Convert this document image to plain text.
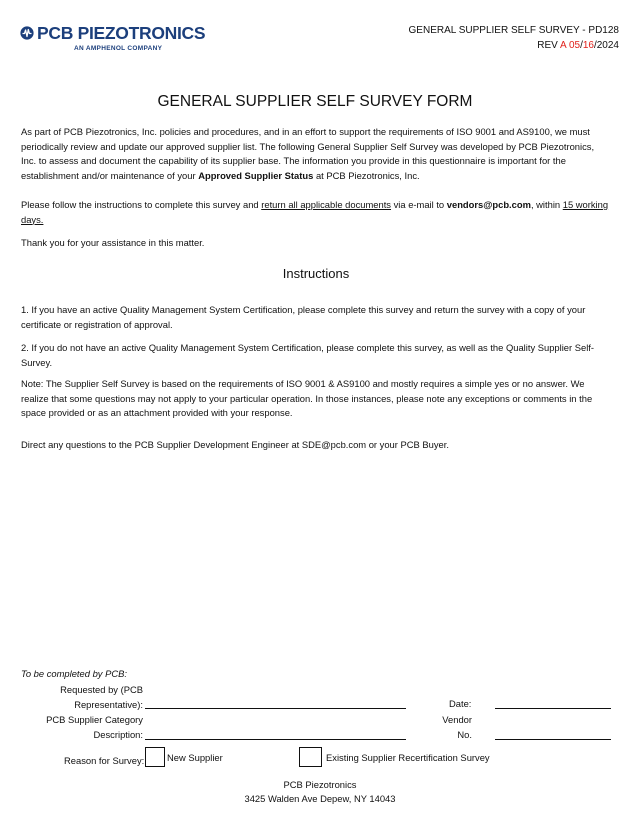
PCB PIEZOTRONICS
AN AMPHENOL COMPANY
GENERAL SUPPLIER SELF SURVEY - PD128
REV A 05/16/2024
GENERAL SUPPLIER SELF SURVEY FORM
As part of PCB Piezotronics, Inc. policies and procedures, and in an effort to support the requirements of ISO 9001 and AS9100, we must periodically review and update our approved supplier list. The following General Supplier Self Survey was developed by PCB Piezotronics, Inc. to assess and document the capability of its supplier base. The information you provide in this questionnaire is important for the establishment and/or maintenance of your Approved Supplier Status at PCB Piezotronics, Inc.
Please follow the instructions to complete this survey and return all applicable documents via e-mail to vendors@pcb.com, within 15 working days.
Thank you for your assistance in this matter.
Instructions
1. If you have an active Quality Management System Certification, please complete this survey and return the survey with a copy of your certificate or registration of approval.
2. If you do not have an active Quality Management System Certification, please complete this survey, as well as the Quality Supplier Self-Survey.
Note: The Supplier Self Survey is based on the requirements of ISO 9001 & AS9100 and mostly requires a simple yes or no answer. We realize that some questions may not apply to your particular operation. In those instances, please note any exceptions or comments in the space provided or as an attachment provided with your response.
Direct any questions to the PCB Supplier Development Engineer at SDE@pcb.com or your PCB Buyer.
To be completed by PCB:
Requested by (PCB
Representative):	Date:
PCB Supplier Category
Description:
Vendor
No.
Reason for Survey: New Supplier	Existing Supplier Recertification Survey
PCB Piezotronics
3425 Walden Ave Depew, NY 14043
